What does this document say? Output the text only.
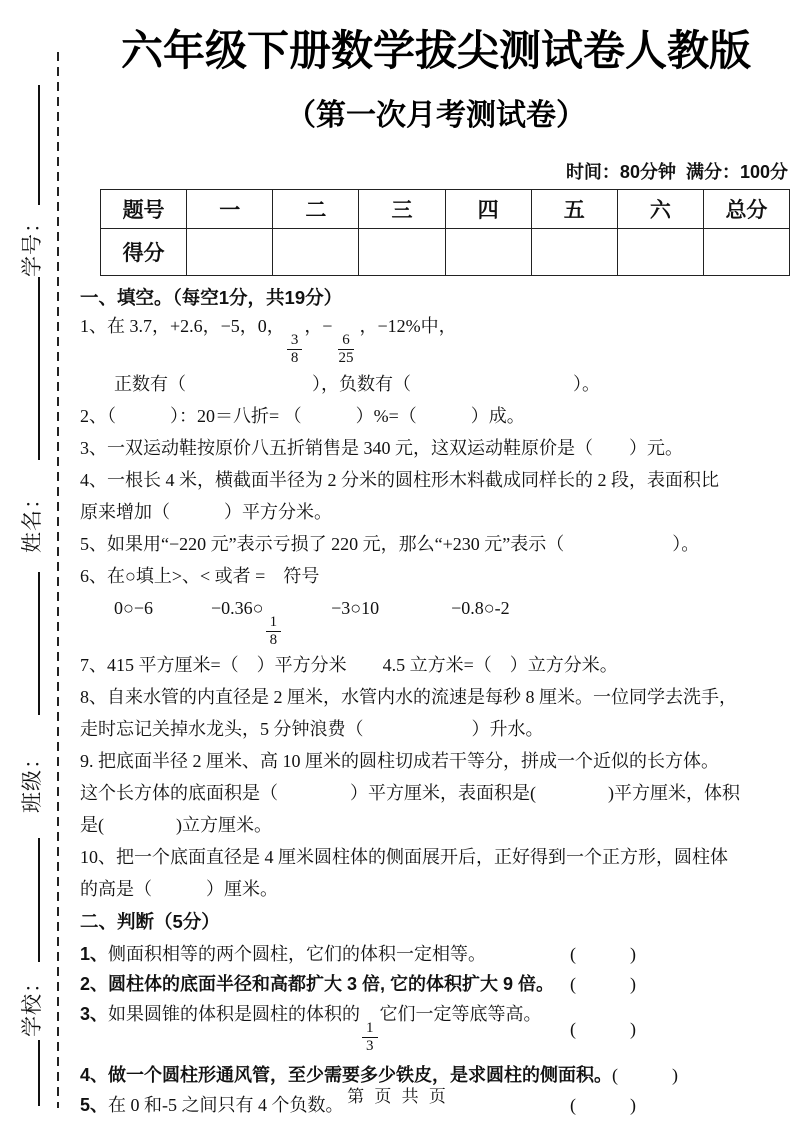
学号：
姓名：
班级：
学校：
六年级下册数学拔尖测试卷人教版
（第一次月考测试卷）
时间：80分钟  满分：100分
题号	一	二	三	四	五	六	总分
得分							
一、填空。（每空1分，共19分）
1、在 3.7，+2.6，−5，0，
$\frac{3}{8}$
，−
$\frac{6}{25}$
，−12%中，
正数有（　　　　　　　），负数有（　　　　　　　　　）。
2、（　　　）：20＝八折= （　　　）%=（　　　）成。
3、一双运动鞋按原价八五折销售是 340 元，这双运动鞋原价是（　　）元。
4、一根长 4 米，横截面半径为 2 分米的圆柱形木料截成同样长的 2 段，表面积比
原来增加（　　　）平方分米。
5、如果用“−220 元”表示亏损了 220 元，那么“+230 元”表示（　　　　　　）。
6、在○填上>、< 或者 =　符号
0○−6	−0.36○
$\frac{1}{8}$
−3○10	−0.8○-2
7、415 平方厘米=（　）平方分米　　4.5 立方米=（　）立方分米。
8、自来水管的内直径是 2 厘米，水管内水的流速是每秒 8 厘米。一位同学去洗手，
走时忘记关掉水龙头，5 分钟浪费（　　　　　　）升水。
9. 把底面半径 2 厘米、高 10 厘米的圆柱切成若干等分，拼成一个近似的长方体。
这个长方体的底面积是（　　　　）平方厘米，表面积是(　　　　)平方厘米，体积
是(　　　　)立方厘米。
10、把一个底面直径是 4 厘米圆柱体的侧面展开后，正好得到一个正方形，圆柱体
的高是（　　　）厘米。
二、判断（5分）
1、侧面积相等的两个圆柱，它们的体积一定相等。	(　　　)
2、圆柱体的底面半径和高都扩大 3 倍, 它的体积扩大 9 倍。 (　　　)
3、如果圆锥的体积是圆柱的体积的
$\frac{1}{3}$
它们一定等底等高。
(　　　)
4、做一个圆柱形通风管，至少需要多少铁皮，是求圆柱的侧面积。 (　　　)
5、在 0 和-5 之间只有 4 个负数。	(　　　)
第 页 共 页
